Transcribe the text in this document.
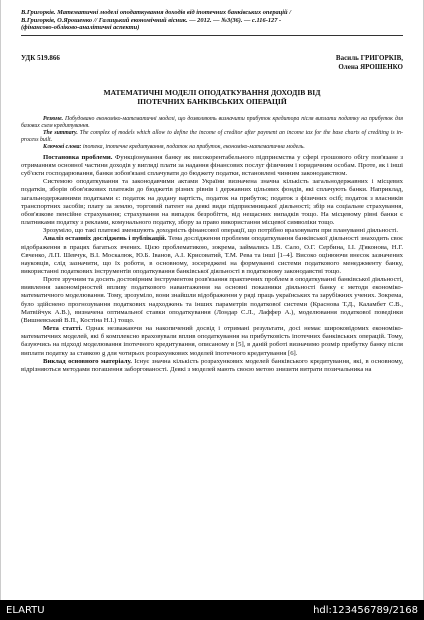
В.Григорків. Математичні моделі оподаткування доходів від іпотечних банківських операцій /
В.Григорків, О.Ярошенко // Галицький економічний вісник. — 2012. — №3(36). — с.116-127 -
(фінансово-обліково-аналітичні аспекти)
УДК 519.866	Василь ГРИГОРКІВ,
Олена ЯРОШЕНКО
МАТЕМАТИЧНІ МОДЕЛІ ОПОДАТКУВАННЯ ДОХОДІВ ВІД
ІПОТЕЧНИХ БАНКІВСЬКИХ ОПЕРАЦІЙ
Резюме. Побудовано економіко-математичні моделі, що дозволяють визначити прибуток кредитора після виплати податку на прибуток для базових схем кредитування.
The summary. The complex of models which allow to define the income of creditor after payment an income tax for the base charts of crediting is in-process built.
Ключові слова: іпотека, іпотечне кредитування, податок на прибуток, економіко-математична модель.

Постановка проблеми. Функціонування банку як високорентабельного підприємства у сфері грошового обігу пов'язане з отриманням основної частини доходів у вигляді плати за надання фінансових послуг фізичним і юридичним особам. Проте, як і інші суб'єкти господарювання, банки зобов'язані сплачувати до бюджету податки, встановлені чинним законодавством.

Системою оподаткування та законодавчими актами України визначена значна кількість загальнодержавних і місцевих податків, зборів обов'язкових платежів до бюджетів різних рівнів і державних цільових фондів, які сплачують банки. Наприклад, загальнодержавними податками є: податок на додану вартість, податок на прибуток; податок з фізичних осіб; податок з власників транспортних засобів; плату за землю, торговий патент на деякі види підприємницької діяльності; збір на соціальне страхування, обов'язкове пенсійне страхування; страхування на випадок безробіття, від нещасних випадків тощо. На місцевому рівні банки є платниками податку з реклами, комунального податку, збору за право використання місцевої символіки тощо.

Зрозуміло, що такі платежі зменшують доходність фінансової операції, що потрібно враховувати при плануванні діяльності.

Аналіз останніх досліджень і публікацій. Тема дослідження проблеми оподаткування банківської діяльності знаходить своє відображення в працях багатьох вчених. Цією проблематикою, зокрема, займались І.В. Сало, О.Г. Сербина, І.І. Д'яконова, Н.Г. Євченко, Л.П. Шевчук, В.І. Москалюк, Ю.Б. Іванов, А.І. Крисоватий, Т.М. Рева та інші [1–4]. Високо оцінюючи внесок зазначених науковців, слід зазначити, що їх роботи, в основному, зосереджені на формуванні системи податкового менеджменту банку, використанні податкових інструментів оподаткування банківської діяльності в податковому законодавстві тощо.

Проте зручним та досить достовірним інструментом розв'язання практичних проблем в оподаткуванні банківської діяльності, виявлення закономірностей впливу податкового навантаження на основні показники діяльності банку є методи економіко-математичного моделювання. Тому, зрозуміло, вони знайшли відображення у ряді праць українських та зарубіжних учених. Зокрема, було здійснено прогнозування податкових надходжень та інших параметрів податкової системи (Краснова Т.Д., Каламбет С.В., Матвійчук А.В.), визначена оптимальної ставки оподаткування (Лондар С.Л., Лаффер А.), моделювання податкової поведінки (Вишневський В.П., Костіна Н.І.) тощо.

Мета статті. Однак незважаючи на накопичений досвід і отримані результати, досі немає широковідомих економіко-математичних моделей, які б комплексно враховували вплив оподаткування на прибутковість іпотечних банківських операцій. Тому, базуючись на підході моделювання іпотечного кредитування, описаному в [5], в даній роботі визначимо розмір прибутку банку після виплати податку за ставкою g для чотирьох розрахункових моделей іпотечного кредитування [6].

Виклад основного матеріалу. Існує значна кількість розрахункових моделей банківського кредитування, які, в основному, відрізняються методами погашення заборгованості. Деякі з моделей мають своєю метою знизити витрати позичальника на

ELARTU	hdl:123456789/2168
